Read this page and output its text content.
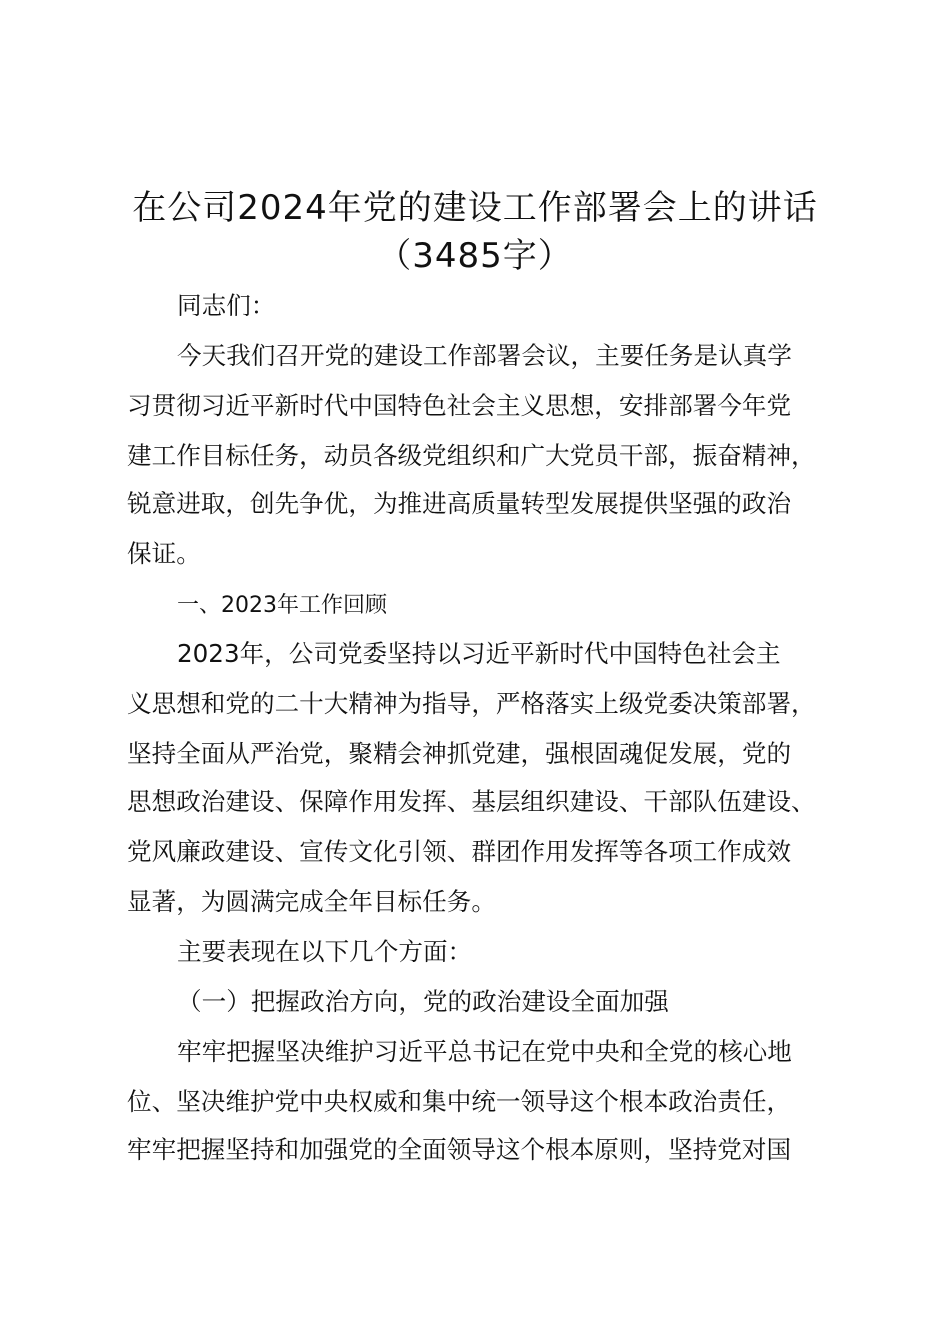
在公司2024年党的建设工作部署会上的讲话
（3485字）
同志们：
今天我们召开党的建设工作部署会议，主要任务是认真学
习贯彻习近平新时代中国特色社会主义思想，安排部署今年党
建工作目标任务，动员各级党组织和广大党员干部，振奋精神，
锐意进取，创先争优，为推进高质量转型发展提供坚强的政治
保证。
一、2023年工作回顾
2023年，公司党委坚持以习近平新时代中国特色社会主
义思想和党的二十大精神为指导，严格落实上级党委决策部署，
坚持全面从严治党，聚精会神抓党建，强根固魂促发展，党的
思想政治建设、保障作用发挥、基层组织建设、干部队伍建设、
党风廉政建设、宣传文化引领、群团作用发挥等各项工作成效
显著，为圆满完成全年目标任务。
主要表现在以下几个方面：
（一）把握政治方向，党的政治建设全面加强
牢牢把握坚决维护习近平总书记在党中央和全党的核心地
位、坚决维护党中央权威和集中统一领导这个根本政治责任，
牢牢把握坚持和加强党的全面领导这个根本原则，坚持党对国
